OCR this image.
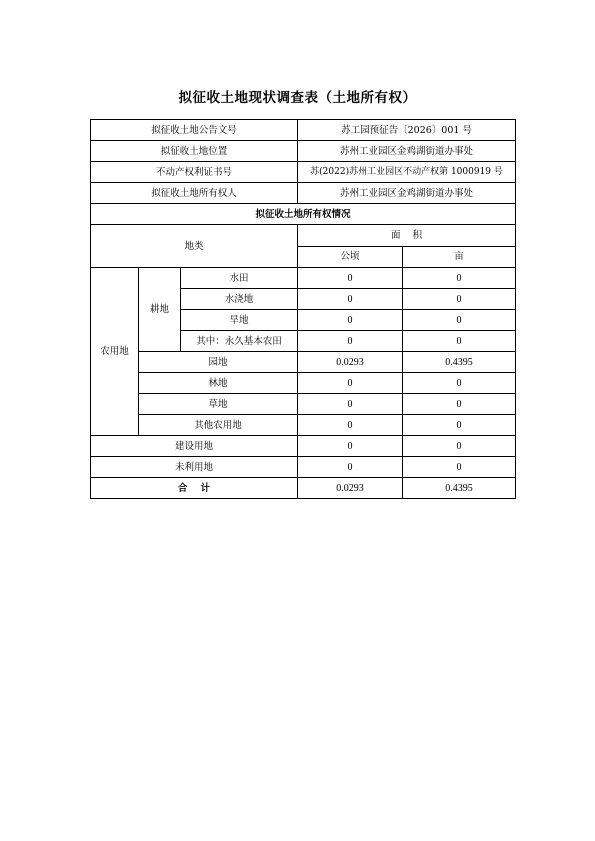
拟征收土地现状调查表（土地所有权）
拟征收土地公告文号			苏工园预征告〔2026〕001 号	
拟征收土地位置			苏州工业园区金鸡湖街道办事处	
不动产权利证书号			苏(2022)苏州工业园区不动产权第 1000919 号	
拟征收土地所有权人			苏州工业园区金鸡湖街道办事处	
拟征收土地所有权情况				
地类			面    积	
			公顷	亩
农用地	耕地	水田	0	0
		水浇地	0	0
		旱地	0	0
		其中：永久基本农田	0	0
	园地		0.0293	0.4395
	林地		0	0
	草地		0	0
	其他农用地		0	0
建设用地			0	0
未利用地			0	0
合    计			0.0293	0.4395
